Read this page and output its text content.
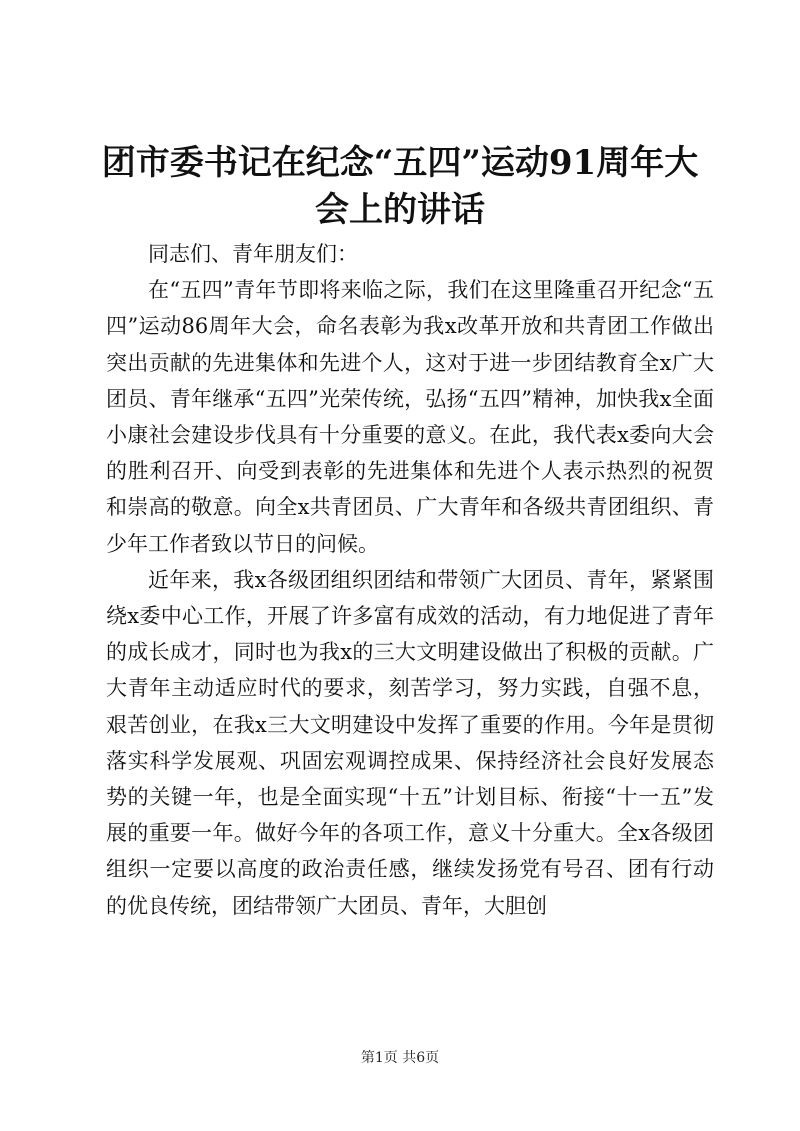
团市委书记在纪念“五四”运动91周年大会上的讲话

同志们、青年朋友们：

在“五四”青年节即将来临之际，我们在这里隆重召开纪念“五四”运动86周年大会，命名表彰为我x改革开放和共青团工作做出突出贡献的先进集体和先进个人，这对于进一步团结教育全x广大团员、青年继承“五四”光荣传统，弘扬“五四”精神，加快我x全面小康社会建设步伐具有十分重要的意义。在此，我代表x委向大会的胜利召开、向受到表彰的先进集体和先进个人表示热烈的祝贺和崇高的敬意。向全x共青团员、广大青年和各级共青团组织、青少年工作者致以节日的问候。

近年来，我x各级团组织团结和带领广大团员、青年，紧紧围绕x委中心工作，开展了许多富有成效的活动，有力地促进了青年的成长成才，同时也为我x的三大文明建设做出了积极的贡献。广大青年主动适应时代的要求，刻苦学习，努力实践，自强不息，艰苦创业，在我x三大文明建设中发挥了重要的作用。今年是贯彻落实科学发展观、巩固宏观调控成果、保持经济社会良好发展态势的关键一年，也是全面实现“十五”计划目标、衔接“十一五”发展的重要一年。做好今年的各项工作，意义十分重大。全x各级团组织一定要以高度的政治责任感，继续发扬党有号召、团有行动的优良传统，团结带领广大团员、青年，大胆创

第1页 共6页
